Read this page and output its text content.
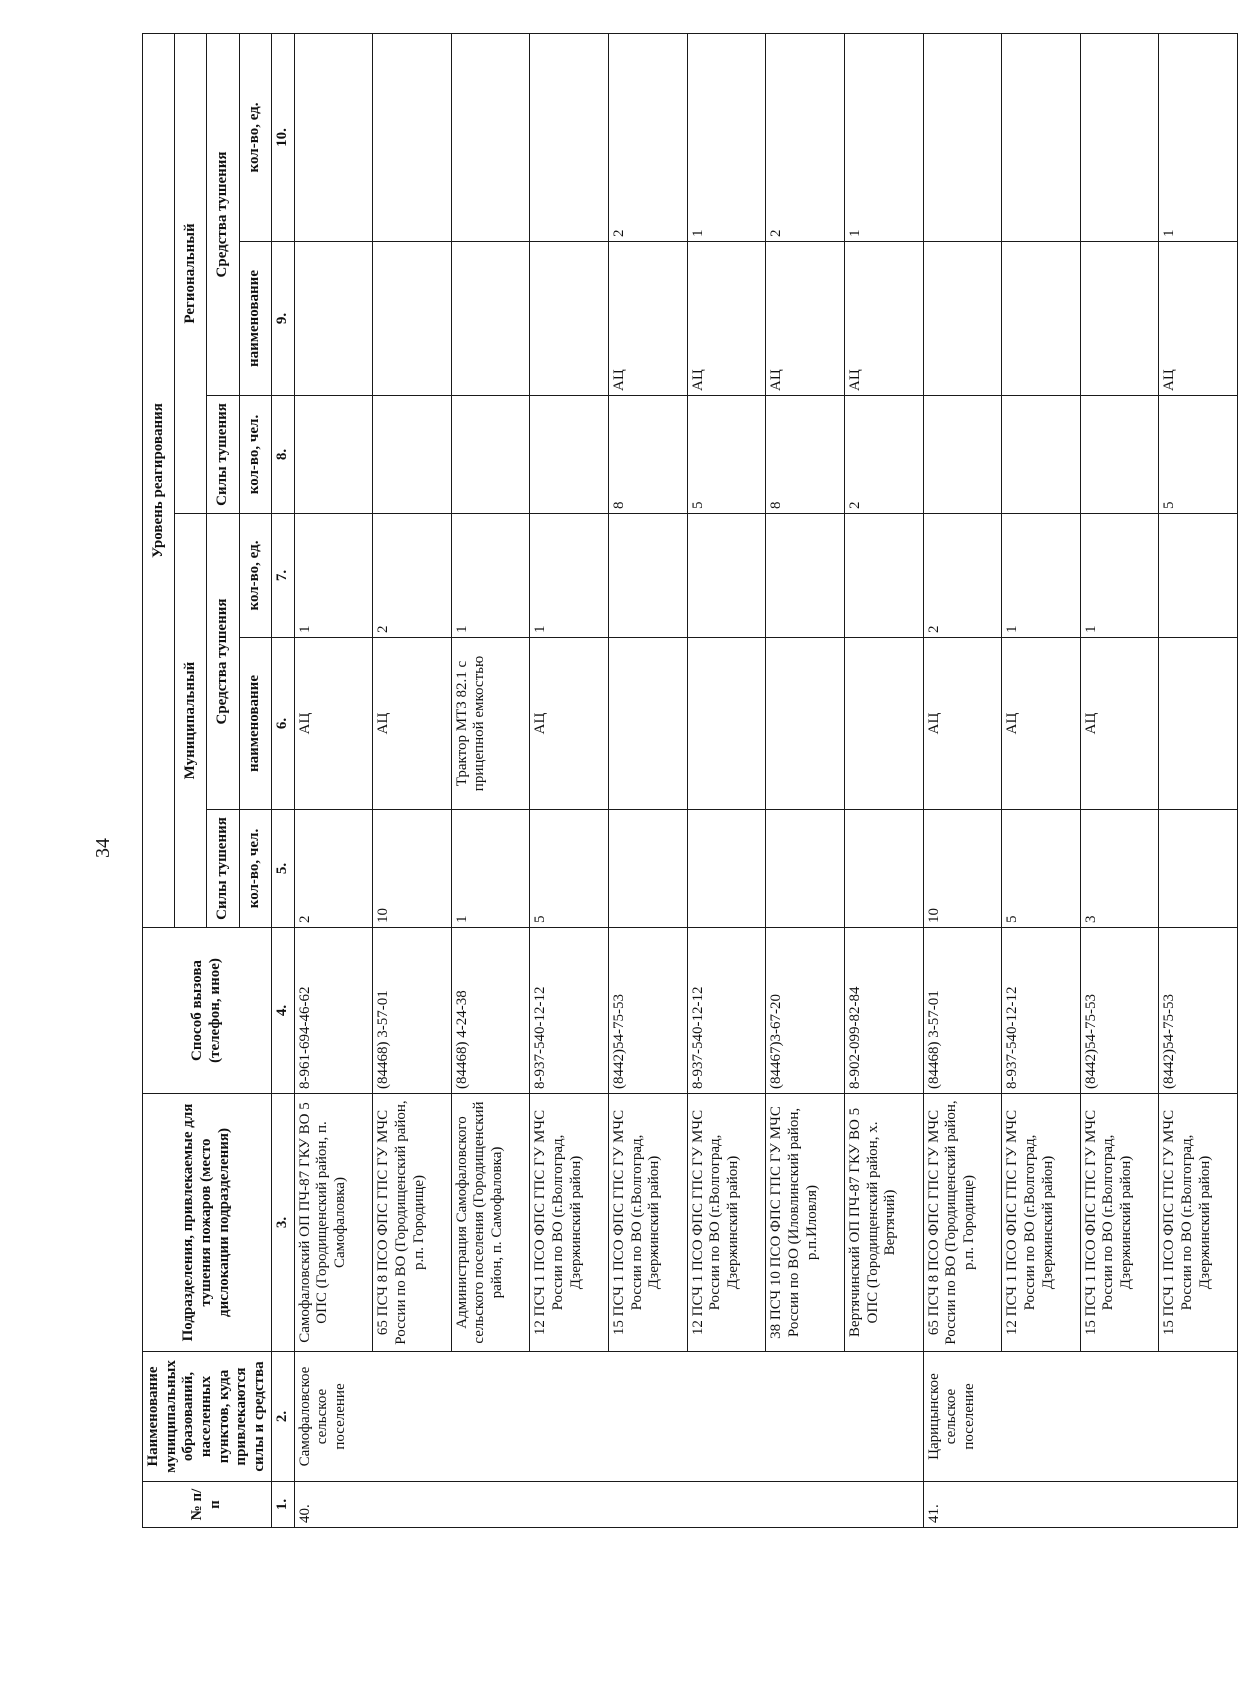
34
№ п/п	Наименование муниципальных образований, населенных пунктов, куда привлекаются силы и средства	Подразделения, привлекаемые для тушения пожаров (место дислокации подразделения)	Способ вызова (телефон, иное)	Уровень реагирования					
				Муниципальный			Региональный		
				Силы тушения	Средства тушения		Силы тушения	Средства тушения	
				кол-во, чел.	наименование	кол-во, ед.	кол-во, чел.	наименование	кол-во, ед.
1.	2.	3.	4.	5.	6.	7.	8.	9.	10.
40.	Самофаловское сельское поселение	Самофаловский ОП ПЧ-87 ГКУ ВО 5 ОПС (Городищенский район, п. Самофаловка)	8-961-694-46-62	2	АЦ	1			
		65 ПСЧ 8 ПСО ФПС ГПС ГУ МЧС России по ВО (Городищенский район, р.п. Городище)	(84468) 3-57-01	10	АЦ	2			
		Администрация Самофаловского сельского поселения (Городищенский район, п. Самофаловка)	(84468) 4-24-38	1	Трактор МТЗ 82.1 с прицепной емкостью	1			
		12 ПСЧ 1 ПСО ФПС ГПС ГУ МЧС России по ВО (г.Волгоград, Дзержинский район)	8-937-540-12-12	5	АЦ	1			
		15 ПСЧ 1 ПСО ФПС ГПС ГУ МЧС России по ВО (г.Волгоград, Дзержинский район)	(8442)54-75-53				8	АЦ	2
		12 ПСЧ 1 ПСО ФПС ГПС ГУ МЧС России по ВО (г.Волгоград, Дзержинский район)	8-937-540-12-12				5	АЦ	1
		38 ПСЧ 10 ПСО ФПС ГПС ГУ МЧС России по ВО (Иловлинский район, р.п.Иловля)	(84467)3-67-20				8	АЦ	2
		Вертячинский ОП ПЧ-87 ГКУ ВО 5 ОПС (Городищенский район, х. Вертячий)	8-902-099-82-84				2	АЦ	1
41.	Царицынское сельское поселение	65 ПСЧ 8 ПСО ФПС ГПС ГУ МЧС России по ВО (Городищенский район, р.п. Городище)	(84468) 3-57-01	10	АЦ	2			
		12 ПСЧ 1 ПСО ФПС ГПС ГУ МЧС России по ВО (г.Волгоград, Дзержинский район)	8-937-540-12-12	5	АЦ	1			
		15 ПСЧ 1 ПСО ФПС ГПС ГУ МЧС России по ВО (г.Волгоград, Дзержинский район)	(8442)54-75-53	3	АЦ	1			
		15 ПСЧ 1 ПСО ФПС ГПС ГУ МЧС России по ВО (г.Волгоград, Дзержинский район)	(8442)54-75-53				5	АЦ	1
